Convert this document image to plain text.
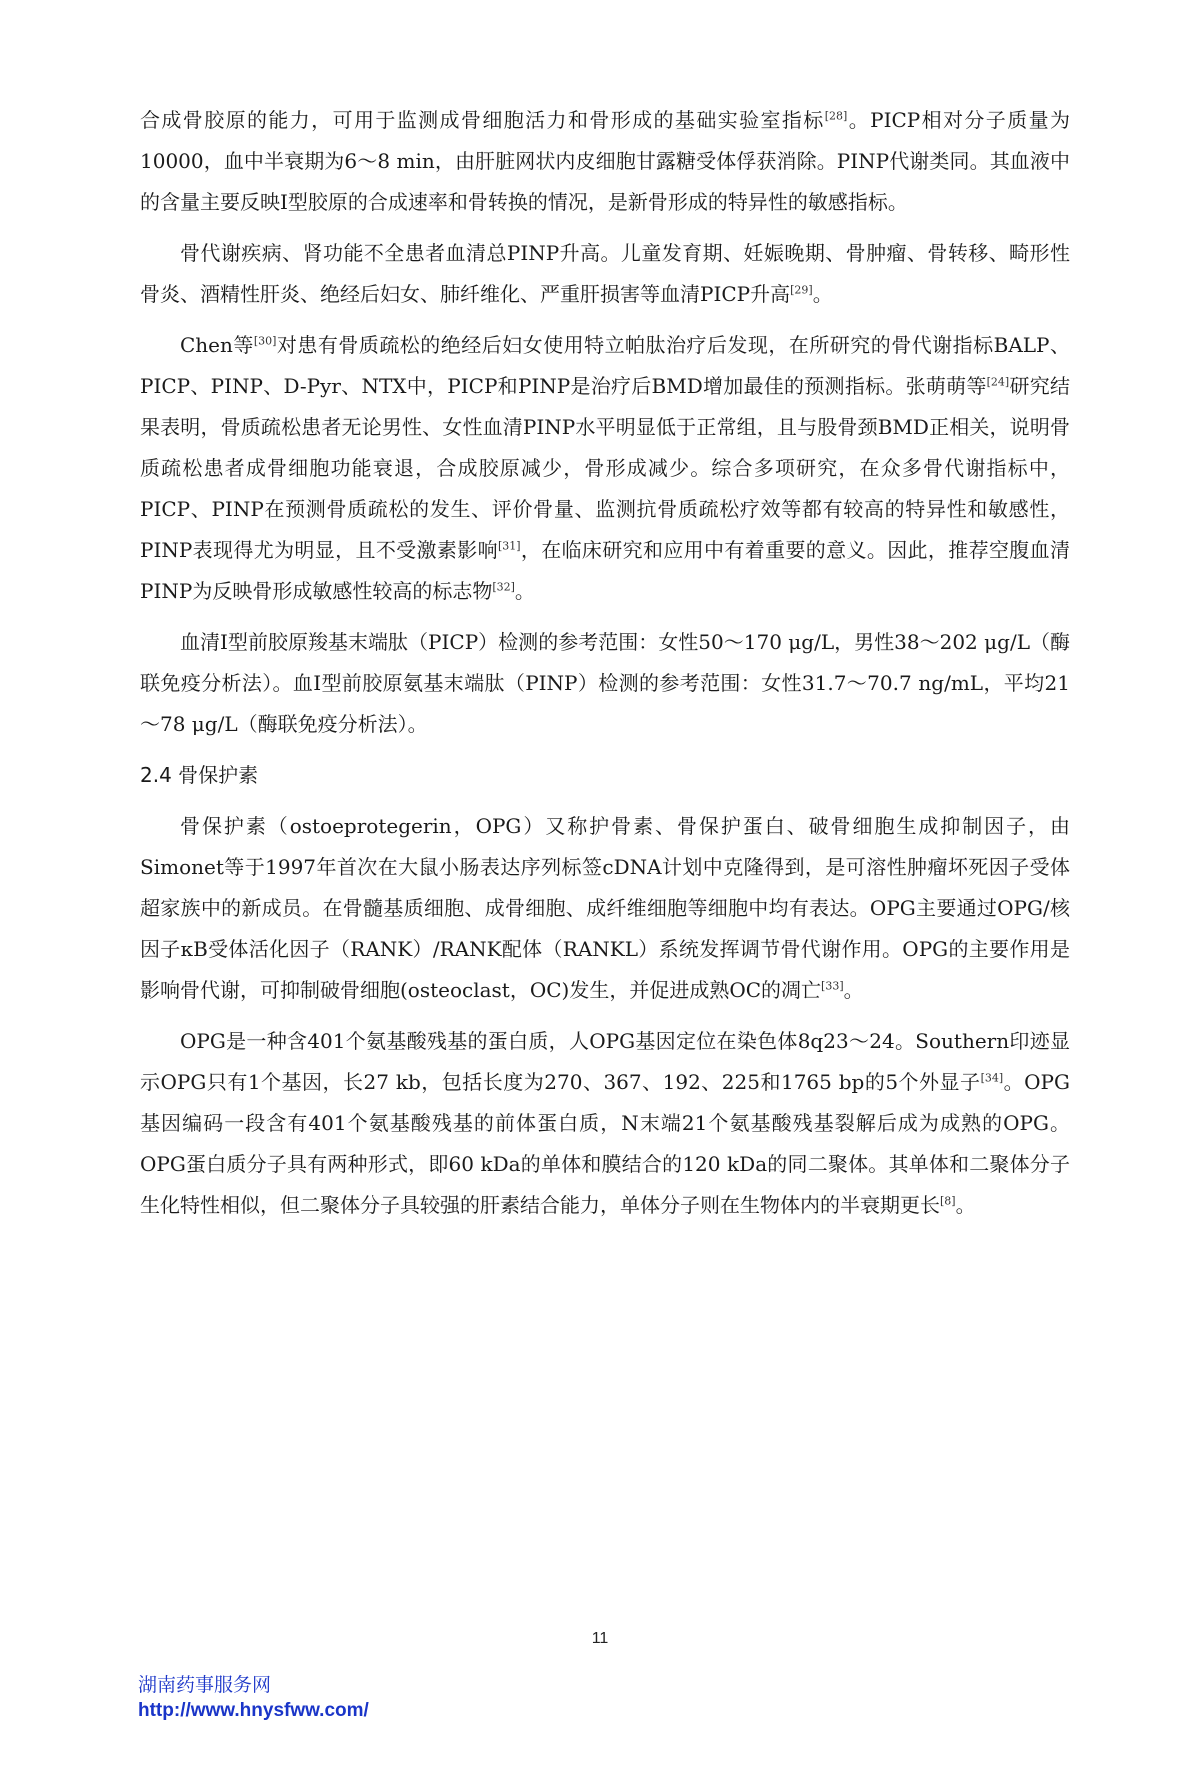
合成骨胶原的能力，可用于监测成骨细胞活力和骨形成的基础实验室指标[28]。PICP相对分子质量为10000，血中半衰期为6～8 min，由肝脏网状内皮细胞甘露糖受体俘获消除。PINP代谢类同。其血液中的含量主要反映Ⅰ型胶原的合成速率和骨转换的情况，是新骨形成的特异性的敏感指标。

骨代谢疾病、肾功能不全患者血清总PINP升高。儿童发育期、妊娠晚期、骨肿瘤、骨转移、畸形性骨炎、酒精性肝炎、绝经后妇女、肺纤维化、严重肝损害等血清PICP升高[29]。

Chen等[30]对患有骨质疏松的绝经后妇女使用特立帕肽治疗后发现，在所研究的骨代谢指标BALP、PICP、PINP、D-Pyr、NTX中，PICP和PINP是治疗后BMD增加最佳的预测指标。张萌萌等[24]研究结果表明，骨质疏松患者无论男性、女性血清PINP水平明显低于正常组，且与股骨颈BMD正相关，说明骨质疏松患者成骨细胞功能衰退，合成胶原减少，骨形成减少。综合多项研究，在众多骨代谢指标中，PICP、PINP在预测骨质疏松的发生、评价骨量、监测抗骨质疏松疗效等都有较高的特异性和敏感性，PINP表现得尤为明显，且不受激素影响[31]，在临床研究和应用中有着重要的意义。因此，推荐空腹血清PINP为反映骨形成敏感性较高的标志物[32]。

血清I型前胶原羧基末端肽（PICP）检测的参考范围：女性50～170 μg/L，男性38～202 μg/L（酶联免疫分析法）。血I型前胶原氨基末端肽（PINP）检测的参考范围：女性31.7～70.7 ng/mL，平均21～78 μg/L（酶联免疫分析法）。

2.4 骨保护素

骨保护素（ostoeprotegerin，OPG）又称护骨素、骨保护蛋白、破骨细胞生成抑制因子，由Simonet等于1997年首次在大鼠小肠表达序列标签cDNA计划中克隆得到，是可溶性肿瘤坏死因子受体超家族中的新成员。在骨髓基质细胞、成骨细胞、成纤维细胞等细胞中均有表达。OPG主要通过OPG/核因子κB受体活化因子（RANK）/RANK配体（RANKL）系统发挥调节骨代谢作用。OPG的主要作用是影响骨代谢，可抑制破骨细胞(osteoclast，OC)发生，并促进成熟OC的凋亡[33]。

OPG是一种含401个氨基酸残基的蛋白质，人OPG基因定位在染色体8q23～24。Southern印迹显示OPG只有1个基因，长27 kb，包括长度为270、367、192、225和1765 bp的5个外显子[34]。OPG基因编码一段含有401个氨基酸残基的前体蛋白质，N末端21个氨基酸残基裂解后成为成熟的OPG。OPG蛋白质分子具有两种形式，即60 kDa的单体和膜结合的120 kDa的同二聚体。其单体和二聚体分子生化特性相似，但二聚体分子具较强的肝素结合能力，单体分子则在生物体内的半衰期更长[8]。

11
湖南药事服务网
http://www.hnysfww.com/
